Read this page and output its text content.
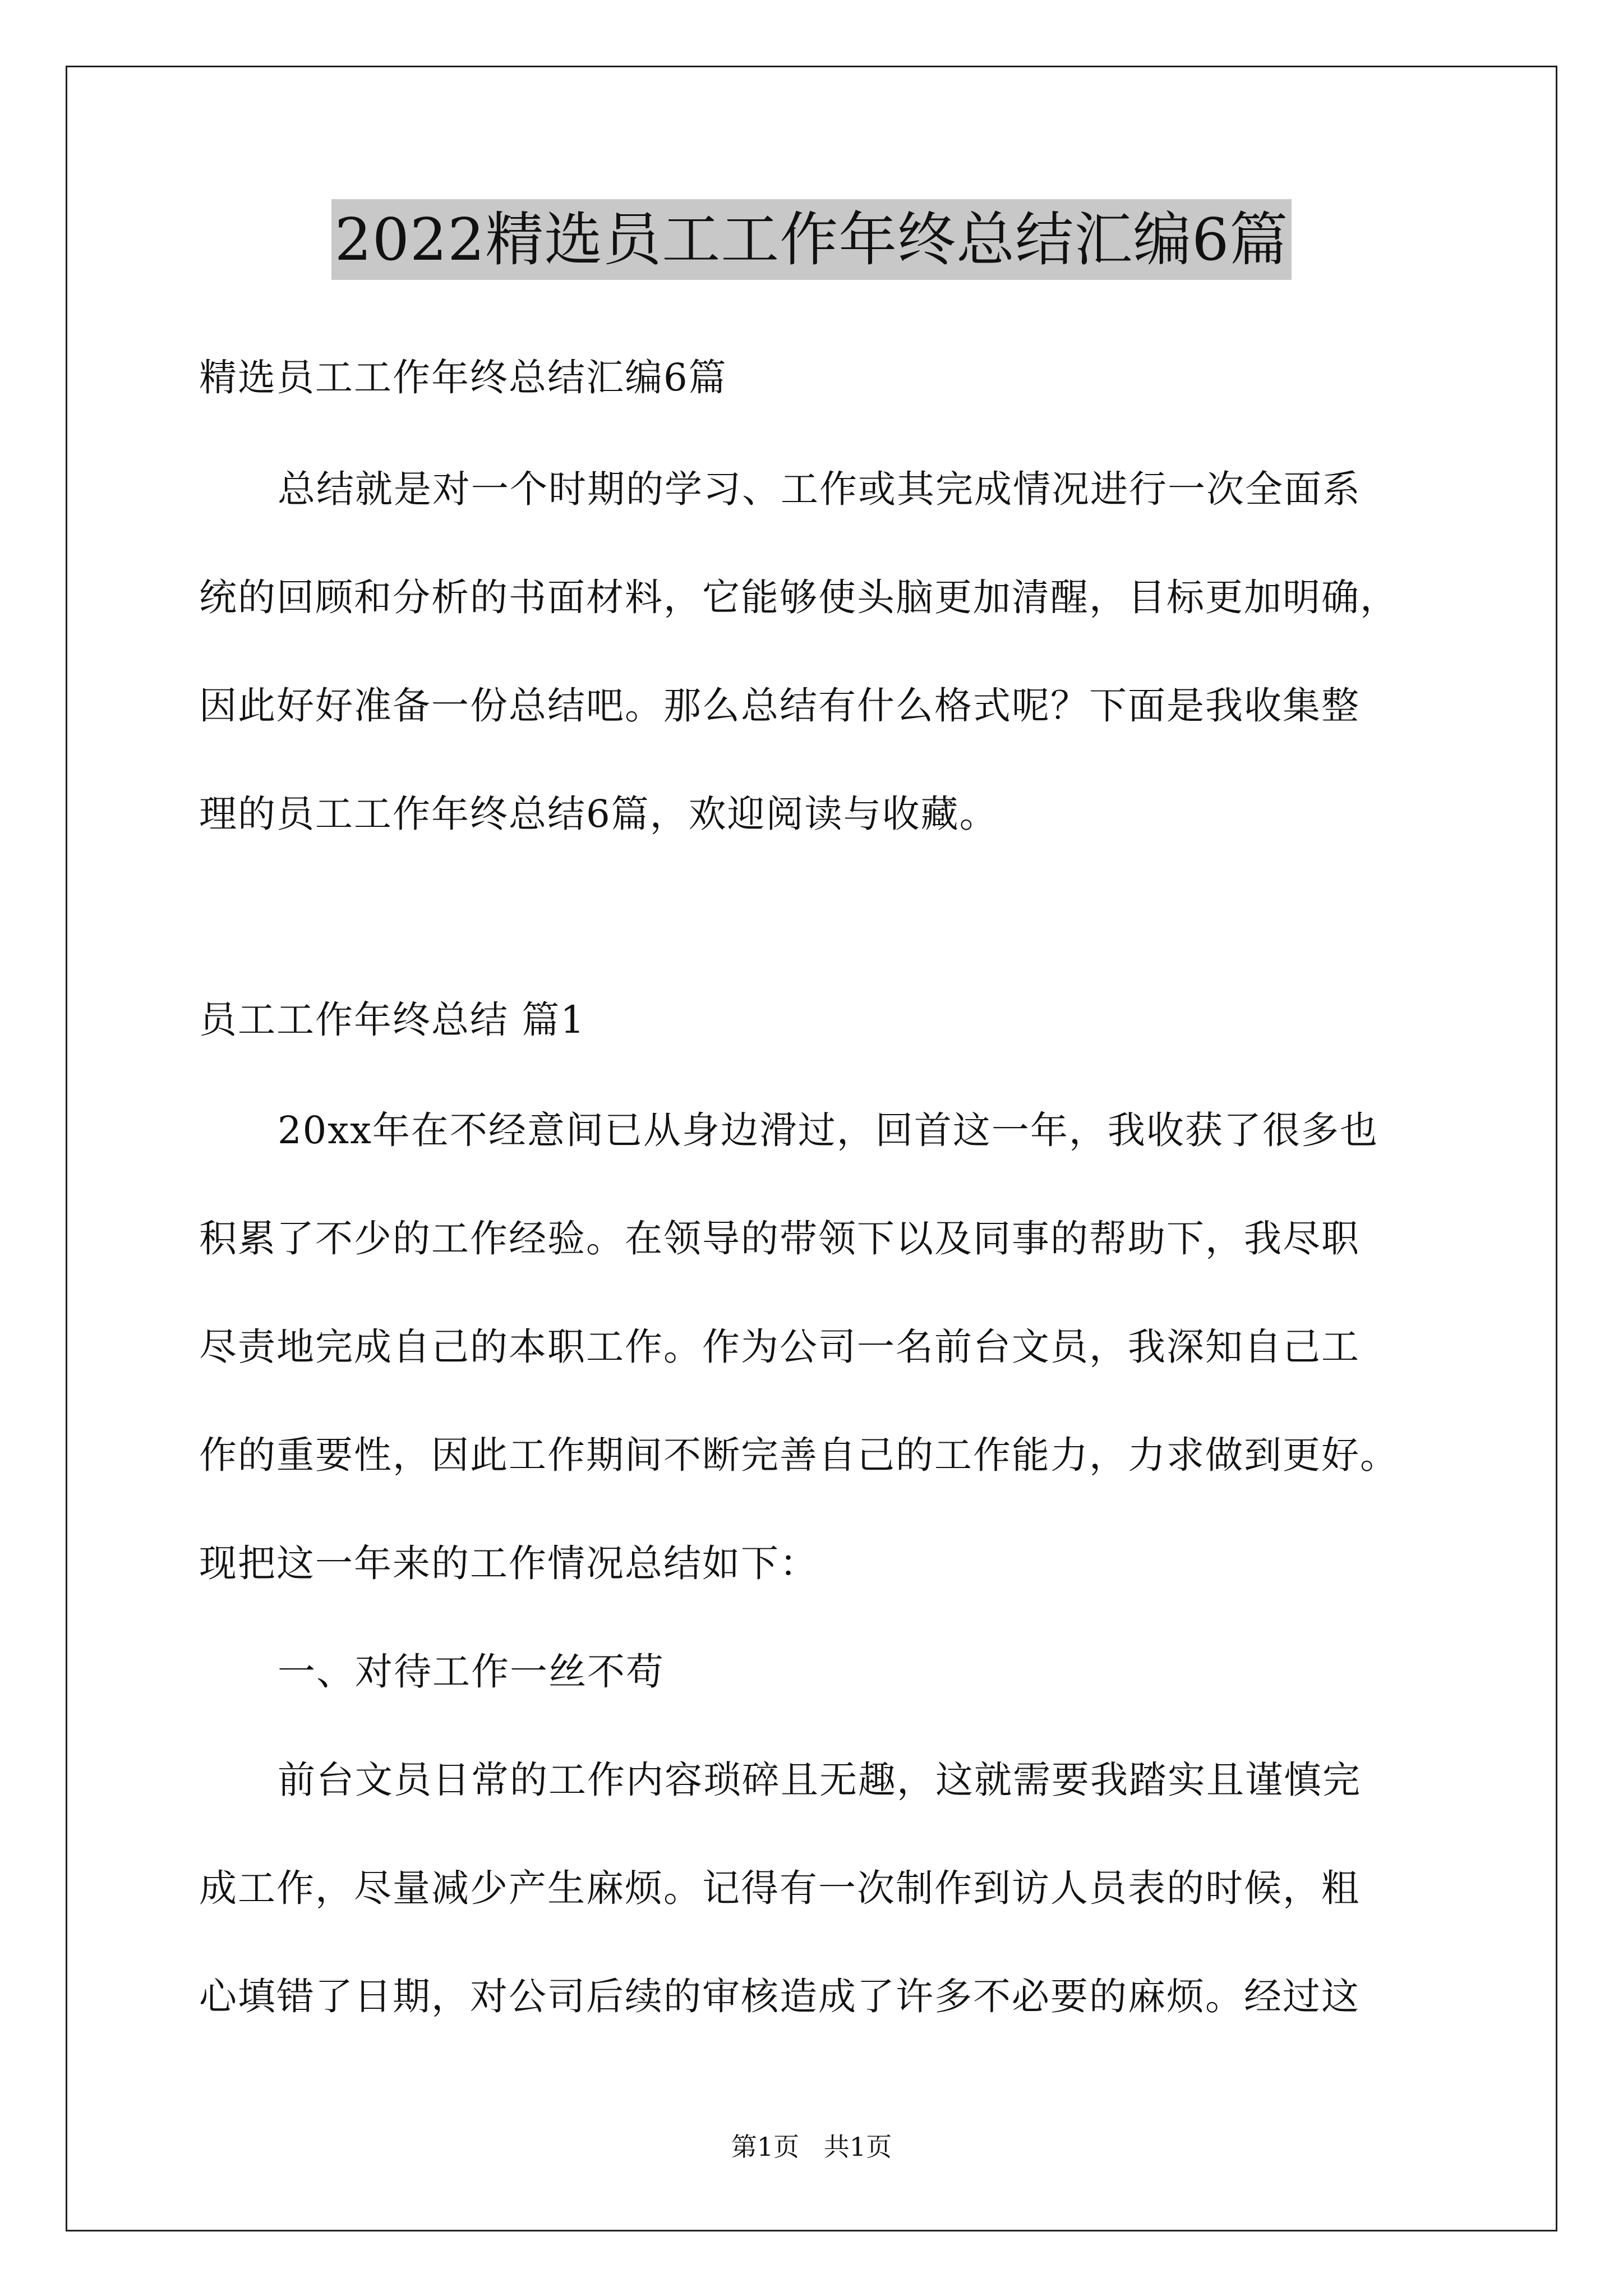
2022精选员工工作年终总结汇编6篇
精选员工工作年终总结汇编6篇
总结就是对一个时期的学习、工作或其完成情况进行一次全面系
统的回顾和分析的书面材料，它能够使头脑更加清醒，目标更加明确，
因此好好准备一份总结吧。那么总结有什么格式呢？下面是我收集整
理的员工工作年终总结6篇，欢迎阅读与收藏。
员工工作年终总结 篇1
20xx年在不经意间已从身边滑过，回首这一年，我收获了很多也
积累了不少的工作经验。在领导的带领下以及同事的帮助下，我尽职
尽责地完成自己的本职工作。作为公司一名前台文员，我深知自己工
作的重要性，因此工作期间不断完善自己的工作能力，力求做到更好。
现把这一年来的工作情况总结如下：
一、对待工作一丝不苟
前台文员日常的工作内容琐碎且无趣，这就需要我踏实且谨慎完
成工作，尽量减少产生麻烦。记得有一次制作到访人员表的时候，粗
心填错了日期，对公司后续的审核造成了许多不必要的麻烦。经过这
第1页   共1页
